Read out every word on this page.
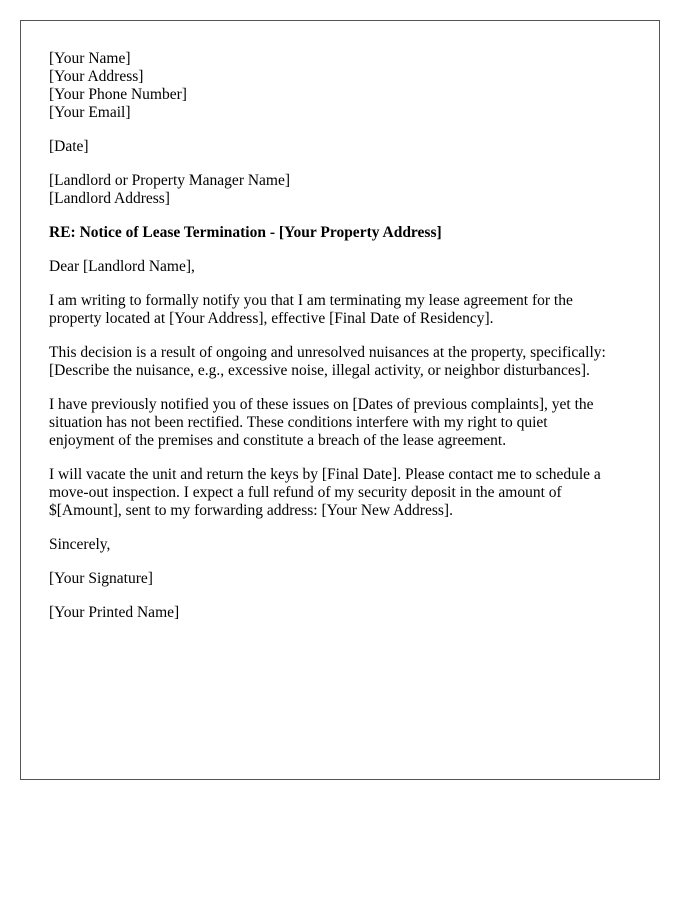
[Your Name]
[Your Address]
[Your Phone Number]
[Your Email]
[Date]
[Landlord or Property Manager Name]
[Landlord Address]
RE: Notice of Lease Termination - [Your Property Address]
Dear [Landlord Name],
I am writing to formally notify you that I am terminating my lease agreement for the
property located at [Your Address], effective [Final Date of Residency].
This decision is a result of ongoing and unresolved nuisances at the property, specifically:
[Describe the nuisance, e.g., excessive noise, illegal activity, or neighbor disturbances].
I have previously notified you of these issues on [Dates of previous complaints], yet the
situation has not been rectified. These conditions interfere with my right to quiet
enjoyment of the premises and constitute a breach of the lease agreement.
I will vacate the unit and return the keys by [Final Date]. Please contact me to schedule a
move-out inspection. I expect a full refund of my security deposit in the amount of
$[Amount], sent to my forwarding address: [Your New Address].
Sincerely,
[Your Signature]
[Your Printed Name]
